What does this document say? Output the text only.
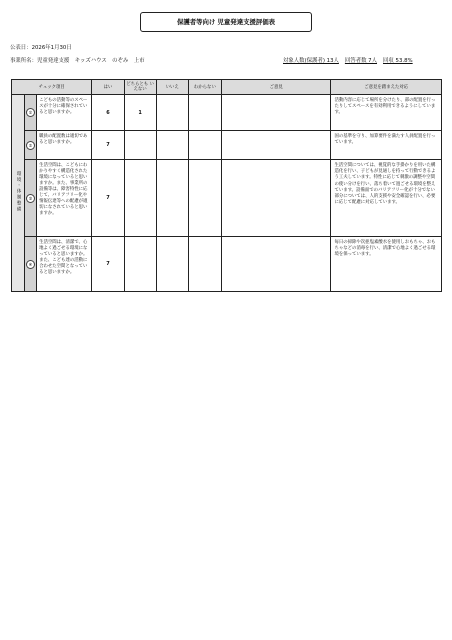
保護者等向け 児童発達支援評価表
公表日：2026年1月30日
事業所名：児童発達支援　キッズハウス　のぞみ　上市	対象人数(保護者) 13人 回答者数 7人 回収 53.8%
チェック項目			はい	どちらとも いえない	いいえ	わからない	ご意見	ご意見を踏まえた対応
環境・体制整備	①	こどもの活動等のスペースが十分に確保されていると思いますか。	6	1				活動内容に応じて場所を分けたり、部の配置を行ったりしてスペースを有効利用できるようにしています。
	②	職員の配置数は適切であると思いますか。	7					国の基準を守り、加算要件を満たす人員配置を行っています。
	③	生活空間は、こどもにわかりやすく構造化された環境になっていると思いますか。また、事業所の設備等は、障害特性に応じて、バリアフリー化や情報伝達等への配慮が適切になされていると思いますか。	7					生活空間については、視覚的な手掛かりを用いた構造化を行い、子どもが見通しを持って行動できるよう工夫しています。特性に応じて刺激の調整や空間の使い分けを行い、落ち着いて過ごせる環境を整えています。設備面でのバリアフリー化が十分でない部分については、人的支援や安全確認を行い、必要に応じて配慮に対応しています。
	④	生活空間は、清潔で、心地よく過ごせる環境になっていると思いますか。また、こども達の活動に合わせた空間となっていると思いますか。	7					毎日の掃除や次亜塩素酸水を使用しおもちゃ、おもちゃなどの消毒を行い、清潔で心地よく過ごせる環境を保っています。
